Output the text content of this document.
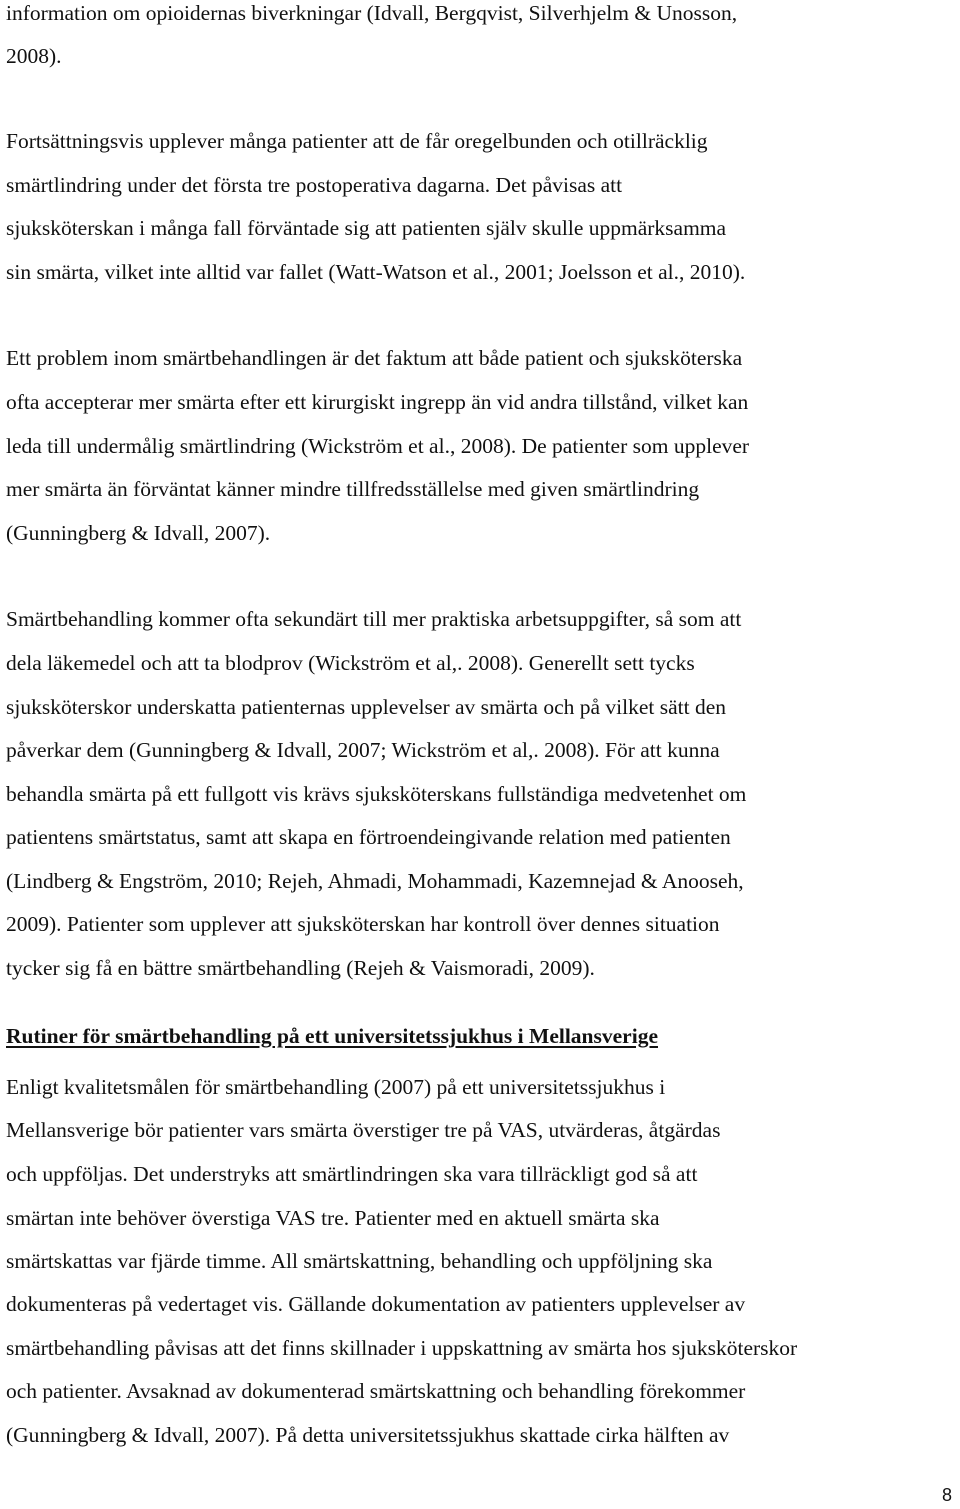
information om opioidernas biverkningar (Idvall, Bergqvist, Silverhjelm & Unosson,
2008).
Fortsättningsvis upplever många patienter att de får oregelbunden och otillräcklig
smärtlindring under det första tre postoperativa dagarna. Det påvisas att
sjuksköterskan i många fall förväntade sig att patienten själv skulle uppmärksamma
sin smärta, vilket inte alltid var fallet (Watt-Watson et al., 2001; Joelsson et al., 2010).
Ett problem inom smärtbehandlingen är det faktum att både patient och sjuksköterska
ofta accepterar mer smärta efter ett kirurgiskt ingrepp än vid andra tillstånd, vilket kan
leda till undermålig smärtlindring (Wickström et al., 2008). De patienter som upplever
mer smärta än förväntat känner mindre tillfredsställelse med given smärtlindring
(Gunningberg & Idvall, 2007).
Smärtbehandling kommer ofta sekundärt till mer praktiska arbetsuppgifter, så som att
dela läkemedel och att ta blodprov (Wickström et al,. 2008). Generellt sett tycks
sjuksköterskor underskatta patienternas upplevelser av smärta och på vilket sätt den
påverkar dem (Gunningberg & Idvall, 2007; Wickström et al,. 2008). För att kunna
behandla smärta på ett fullgott vis krävs sjuksköterskans fullständiga medvetenhet om
patientens smärtstatus, samt att skapa en förtroendeingivande relation med patienten
(Lindberg & Engström, 2010; Rejeh, Ahmadi, Mohammadi, Kazemnejad & Anooseh,
2009). Patienter som upplever att sjuksköterskan har kontroll över dennes situation
tycker sig få en bättre smärtbehandling (Rejeh & Vaismoradi, 2009).
Rutiner för smärtbehandling på ett universitetssjukhus i Mellansverige
Enligt kvalitetsmålen för smärtbehandling (2007) på ett universitetssjukhus i
Mellansverige bör patienter vars smärta överstiger tre på VAS, utvärderas, åtgärdas
och uppföljas. Det understryks att smärtlindringen ska vara tillräckligt god så att
smärtan inte behöver överstiga VAS tre. Patienter med en aktuell smärta ska
smärtskattas var fjärde timme. All smärtskattning, behandling och uppföljning ska
dokumenteras på vedertaget vis. Gällande dokumentation av patienters upplevelser av
smärtbehandling påvisas att det finns skillnader i uppskattning av smärta hos sjuksköterskor
och patienter. Avsaknad av dokumenterad smärtskattning och behandling förekommer
(Gunningberg & Idvall, 2007). På detta universitetssjukhus skattade cirka hälften av
8
